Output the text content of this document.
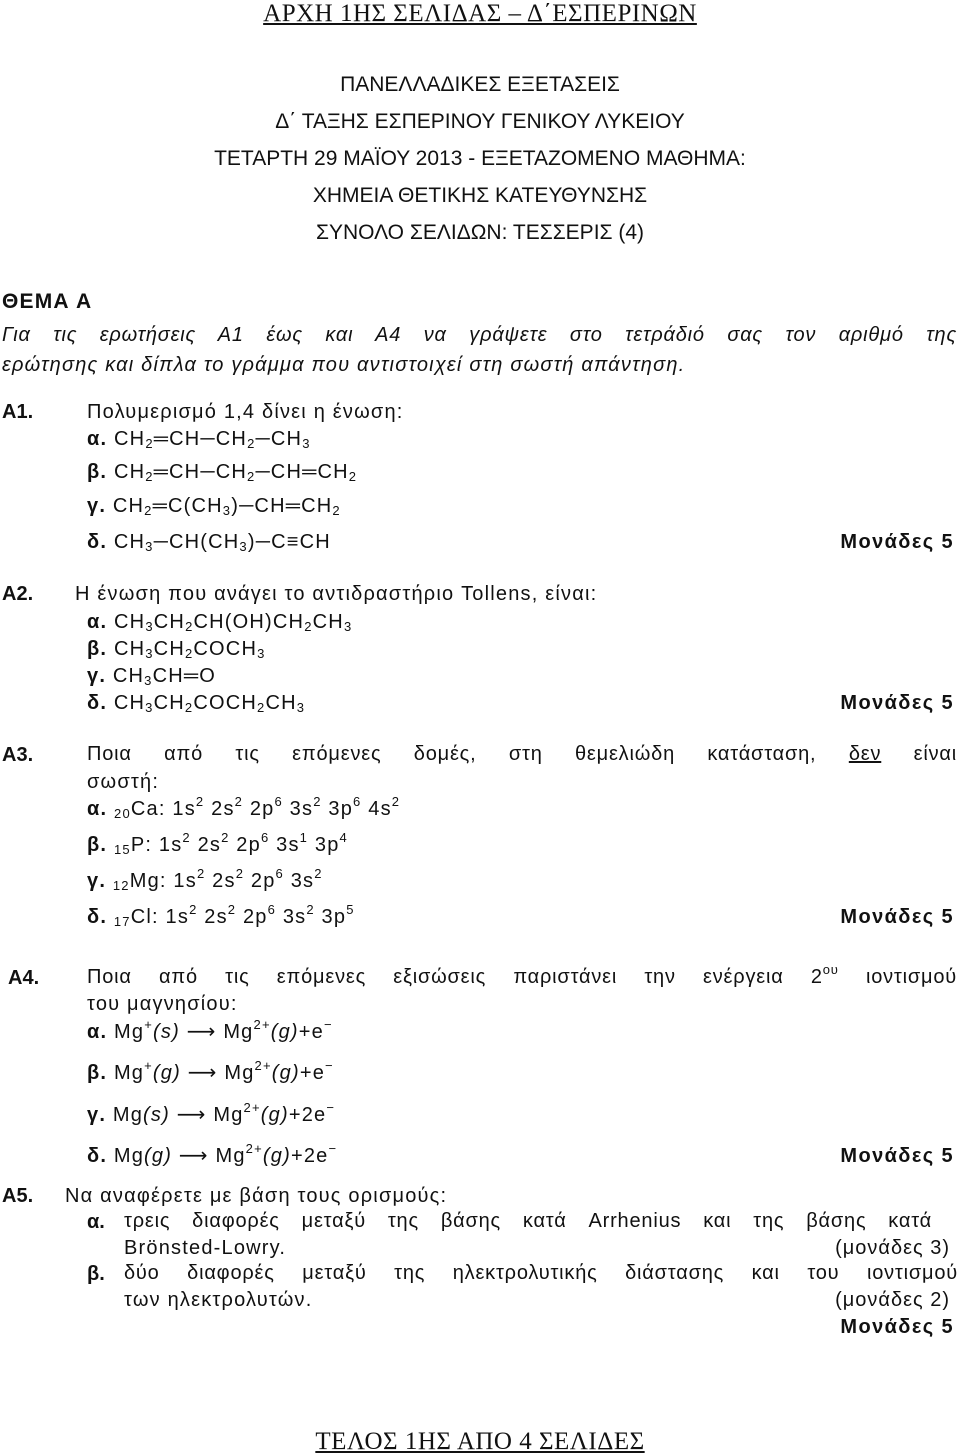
ΑΡΧΗ 1ΗΣ ΣΕΛΙΔΑΣ – Δ΄ΕΣΠΕΡΙΝΩΝ
ΠΑΝΕΛΛΑΔΙΚΕΣ ΕΞΕΤΑΣΕΙΣ
Δ΄ ΤΑΞΗΣ ΕΣΠΕΡΙΝΟΥ ΓΕΝΙΚΟΥ ΛΥΚΕΙΟΥ
ΤΕΤΑΡΤΗ 29 ΜΑΪΟΥ 2013 - ΕΞΕΤΑΖΟΜΕΝΟ ΜΑΘΗΜΑ:
ΧΗΜΕΙΑ ΘΕΤΙΚΗΣ ΚΑΤΕΥΘΥΝΣΗΣ
ΣΥΝΟΛΟ ΣΕΛΙΔΩΝ: ΤΕΣΣΕΡΙΣ (4)
ΘΕΜΑ Α
Για τις ερωτήσεις Α1 έως και Α4 να γράψετε στο τετράδιό σας τον αριθμό της
ερώτησης και δίπλα το γράμμα που αντιστοιχεί στη σωστή απάντηση.
Α1.	Πολυμερισμό 1,4 δίνει η ένωση:
α. $CH_2═CH─CH_2─CH_3$
β. $CH_2═CH─CH_2─CH═CH_2$
γ. $CH_2═C(CH_3)─CH═CH_2$
δ. $CH_3─CH(CH_3)─C\equiv CH$	Μονάδες 5
Α2. Η ένωση που ανάγει το αντιδραστήριο Tollens, είναι:
α. $CH_3CH_2CH(OH)CH_2CH_3$
β. $CH_3CH_2COCH_3$
γ. $CH_3CH═O$
δ. $CH_3CH_2COCH_2CH_3$	Μονάδες 5
Α3.	Ποια από τις επόμενες δομές, στη θεμελιώδη κατάσταση, δεν είναι
σωστή:
α. $_{20}$Ca: $1s^2$ $2s^2$ $2p^6$ $3s^2$ $3p^6$ $4s^2$
β. $_{15}$P: $1s^2$ $2s^2$ $2p^6$ $3s^1$ $3p^4$
γ. $_{12}$Mg: $1s^2$ $2s^2$ $2p^6$ $3s^2$
δ. $_{17}$Cl: $1s^2$ $2s^2$ $2p^6$ $3s^2$ $3p^5$	Μονάδες 5
Α4. Ποια από τις επόμενες εξισώσεις παριστάνει την ενέργεια $2^{o\upsilon}$ ιοντισμού
του μαγνησίου:
α. Mg+(s) ⟶ $Mg^{2+}(g)+e^-$
β. Mg+(g) ⟶ $Mg^{2+}(g)+e^-$
γ. Mg(s) ⟶ $Mg^{2+}(g)+2e^-$
δ. Mg(g) ⟶ $Mg^{2+}(g)+2e^-$	Μονάδες 5
Α5. Να αναφέρετε με βάση τους ορισμούς:
α. τρεις διαφορές μεταξύ της βάσης κατά Arrhenius και της βάσης κατά
Brönsted-Lowry.	(μονάδες 3)
β. δύο διαφορές μεταξύ της ηλεκτρολυτικής διάστασης και του ιοντισμού
των ηλεκτρολυτών.	(μονάδες 2)
Μονάδες 5
ΤΕΛΟΣ 1ΗΣ ΑΠΟ 4 ΣΕΛΙΔΕΣ
